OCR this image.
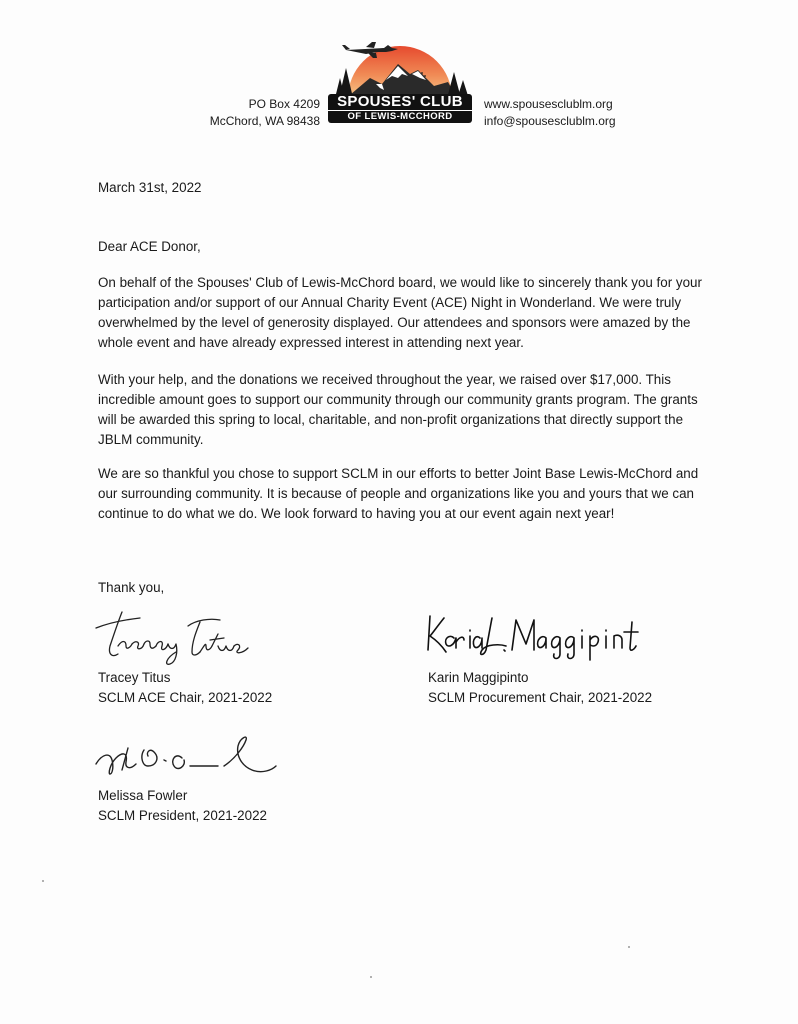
PO Box 4209
McChord, WA 98438
SPOUSES' CLUB
OF LEWIS-MCCHORD
www.spousesclublm.org
info@spousesclublm.org

March 31st, 2022

Dear ACE Donor,

On behalf of the Spouses' Club of Lewis-McChord board, we would like to sincerely thank you for your participation and/or support of our Annual Charity Event (ACE) Night in Wonderland. We were truly overwhelmed by the level of generosity displayed. Our attendees and sponsors were amazed by the whole event and have already expressed interest in attending next year.

With your help, and the donations we received throughout the year, we raised over $17,000. This incredible amount goes to support our community through our community grants program. The grants will be awarded this spring to local, charitable, and non-profit organizations that directly support the JBLM community.

We are so thankful you chose to support SCLM in our efforts to better Joint Base Lewis-McChord and our surrounding community. It is because of people and organizations like you and yours that we can continue to do what we do. We look forward to having you at our event again next year!

Thank you,

Tracey Titus
SCLM ACE Chair, 2021-2022
Karin Maggipinto
SCLM Procurement Chair, 2021-2022
Melissa Fowler
SCLM President, 2021-2022
